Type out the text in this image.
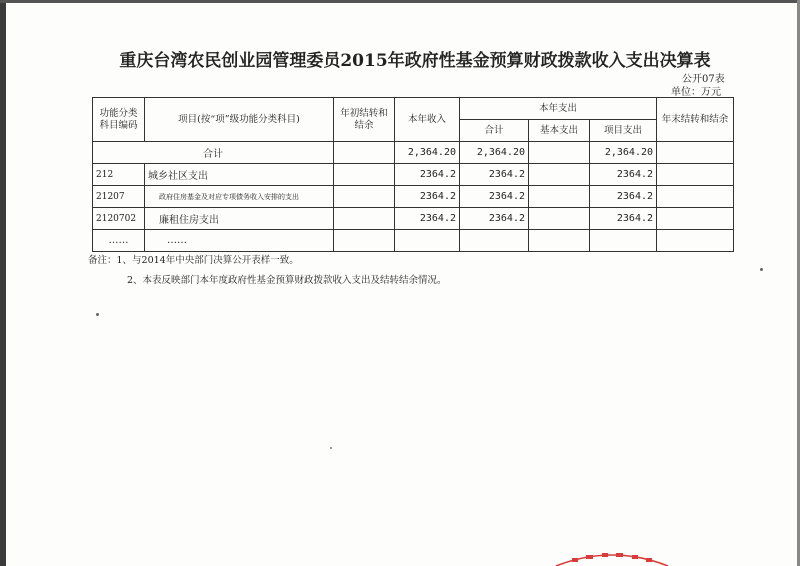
重庆台湾农民创业园管理委员2015年政府性基金预算财政拨款收入支出决算表
公开07表
单位：万元
功能分类科目编码	项目(按“项”级功能分类科目)	年初结转和结余	本年收入	本年支出			年末结转和结余
				合计	基本支出	项目支出	
合计			2,364.20	2,364.20		2,364.20	
212	城乡社区支出		2364.2	2364.2		2364.2	
21207	政府住房基金及对应专项债务收入安排的支出		2364.2	2364.2		2364.2	
2120702	廉租住房支出		2364.2	2364.2		2364.2	
……	……						
备注：1、与2014年中央部门决算公开表样一致。
2、本表反映部门本年度政府性基金预算财政拨款收入支出及结转结余情况。
